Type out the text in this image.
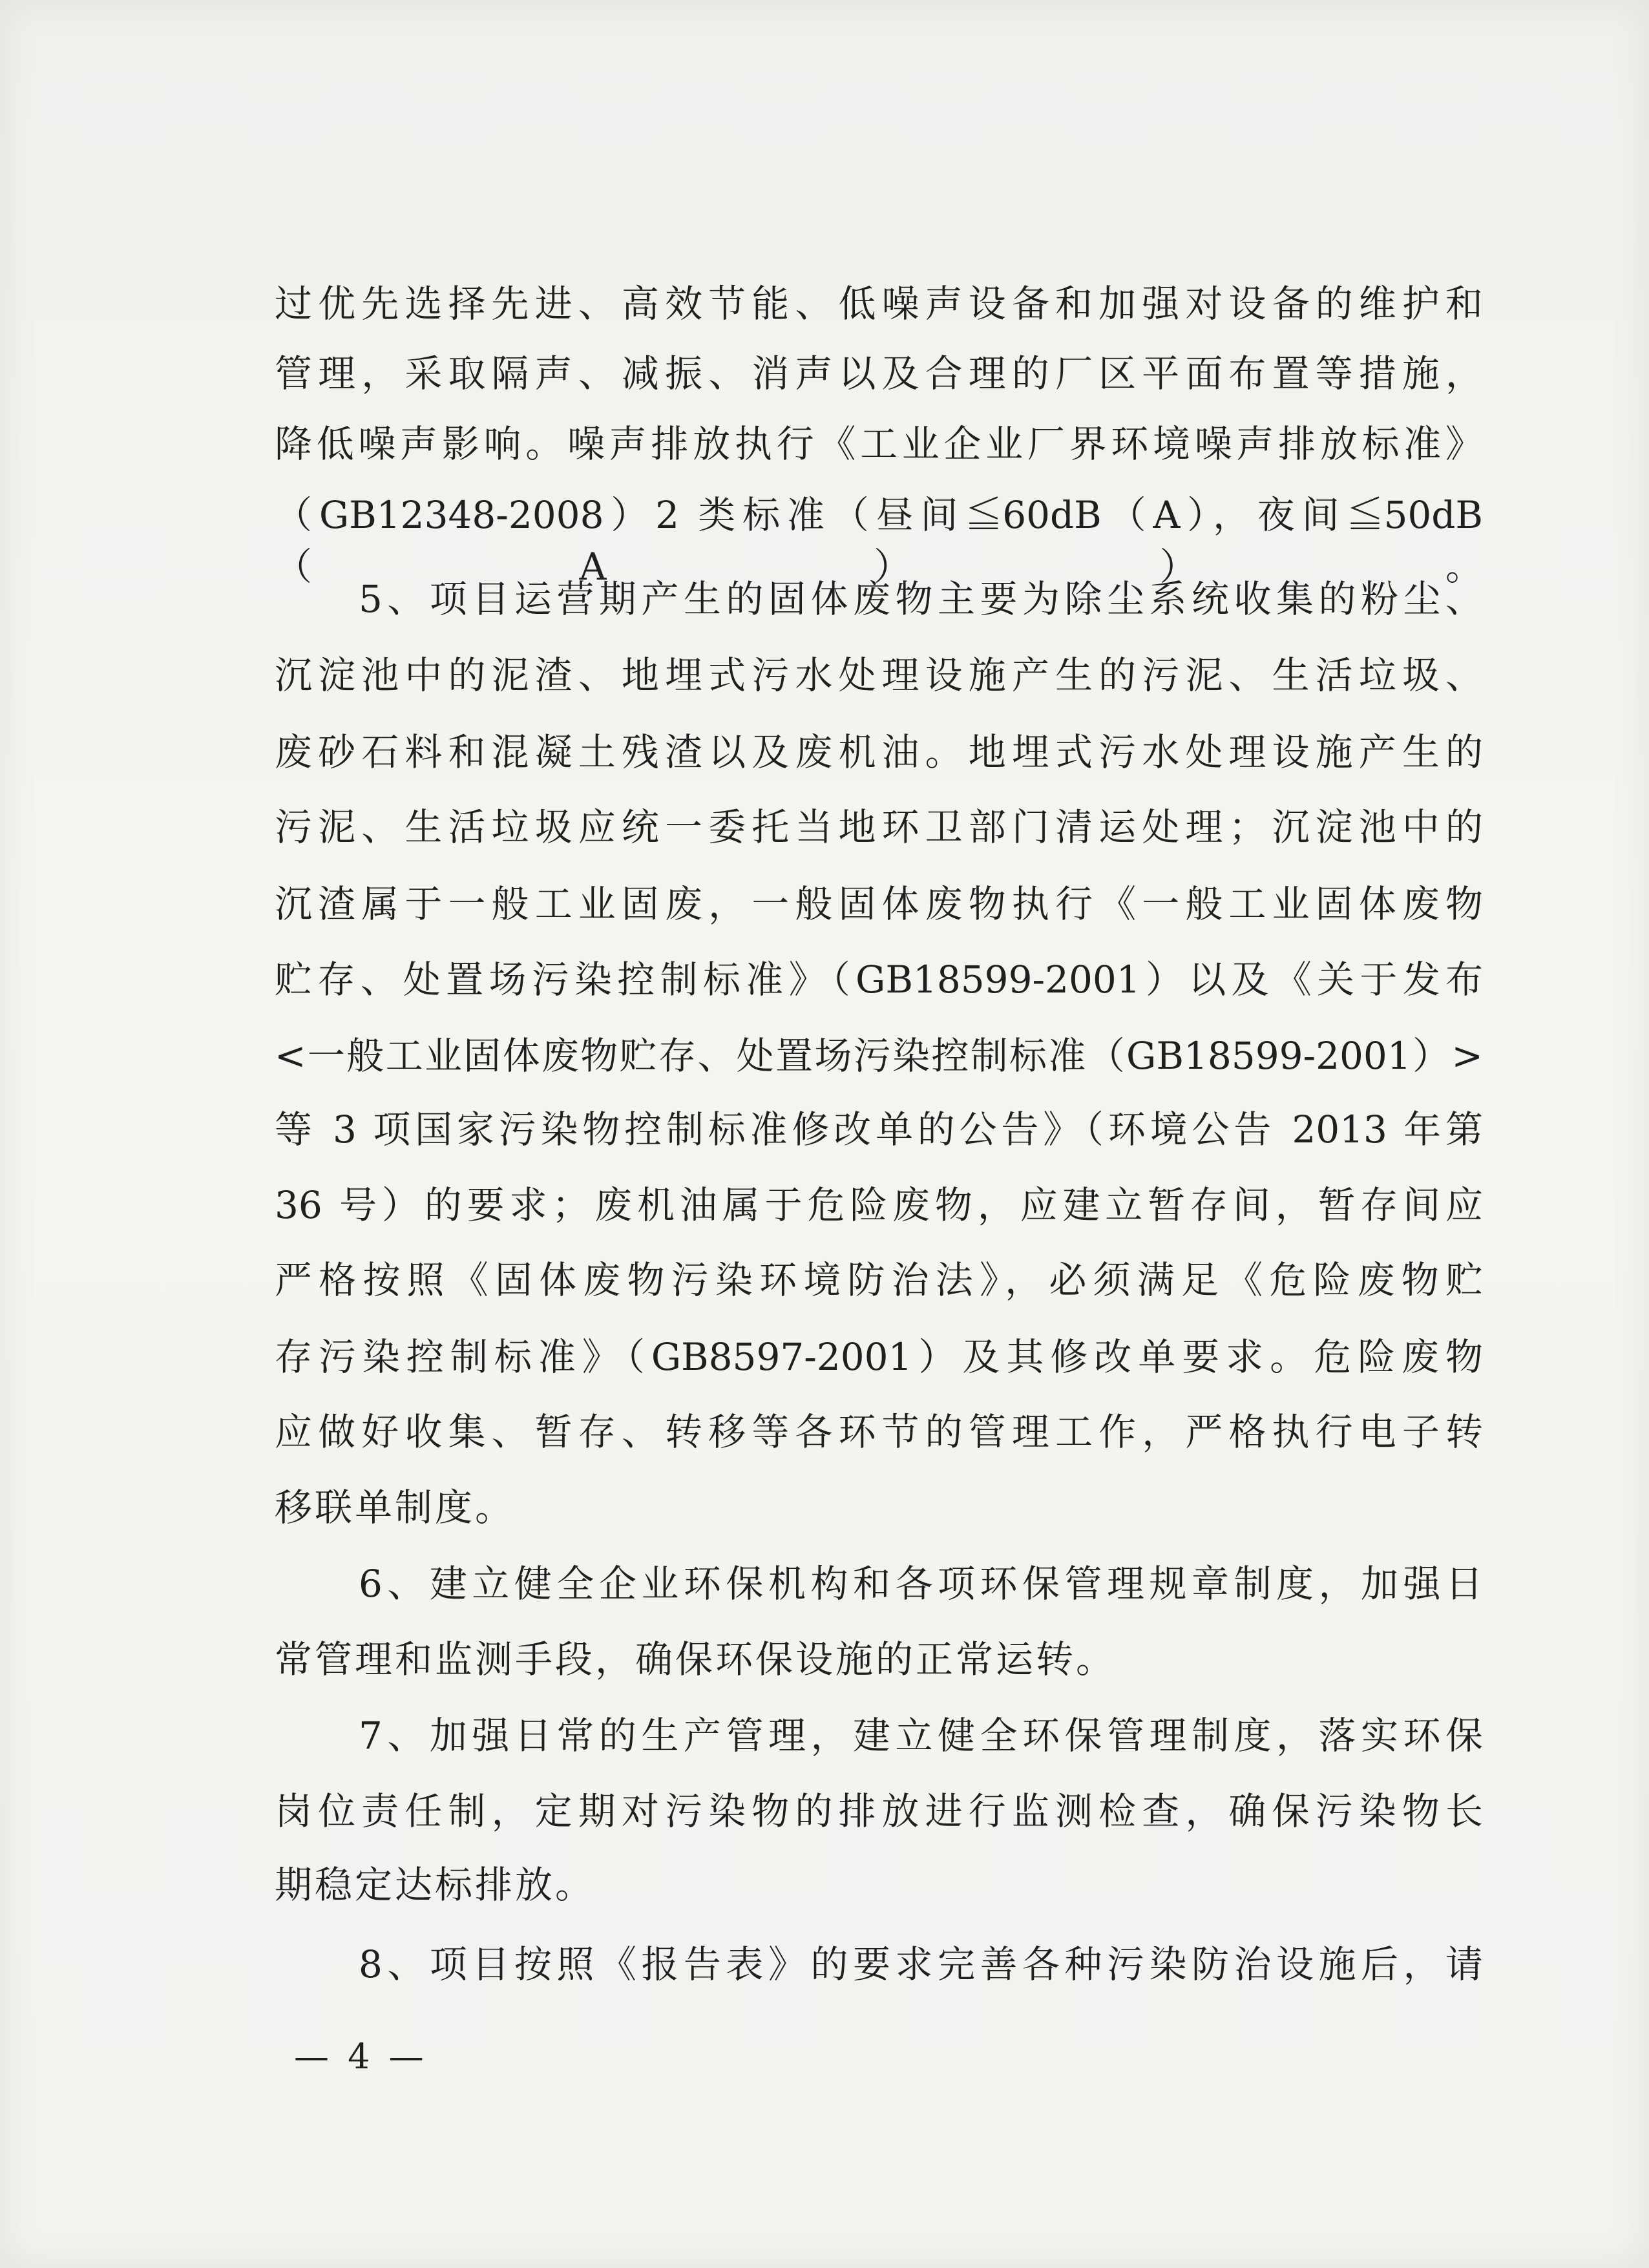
过优先选择先进、高效节能、低噪声设备和加强对设备的维护和
管理，采取隔声、减振、消声以及合理的厂区平面布置等措施，
降低噪声影响。噪声排放执行《工业企业厂界环境噪声排放标准》
（GB12348-2008）2 类标准（昼间≦60dB（A），夜间≦50dB（A））。
5、项目运营期产生的固体废物主要为除尘系统收集的粉尘、
沉淀池中的泥渣、地埋式污水处理设施产生的污泥、生活垃圾、
废砂石料和混凝土残渣以及废机油。地埋式污水处理设施产生的
污泥、生活垃圾应统一委托当地环卫部门清运处理；沉淀池中的
沉渣属于一般工业固废，一般固体废物执行《一般工业固体废物
贮存、处置场污染控制标准》（GB18599-2001）以及《关于发布
<一般工业固体废物贮存、处置场污染控制标准（GB18599-2001）>
等 3 项国家污染物控制标准修改单的公告》（环境公告 2013 年第
36 号）的要求；废机油属于危险废物，应建立暂存间，暂存间应
严格按照《固体废物污染环境防治法》，必须满足《危险废物贮
存污染控制标准》（GB8597-2001）及其修改单要求。危险废物
应做好收集、暂存、转移等各环节的管理工作，严格执行电子转
移联单制度。
6、建立健全企业环保机构和各项环保管理规章制度，加强日
常管理和监测手段，确保环保设施的正常运转。
7、加强日常的生产管理，建立健全环保管理制度，落实环保
岗位责任制，定期对污染物的排放进行监测检查，确保污染物长
期稳定达标排放。
8、项目按照《报告表》的要求完善各种污染防治设施后，请
— 4 —
